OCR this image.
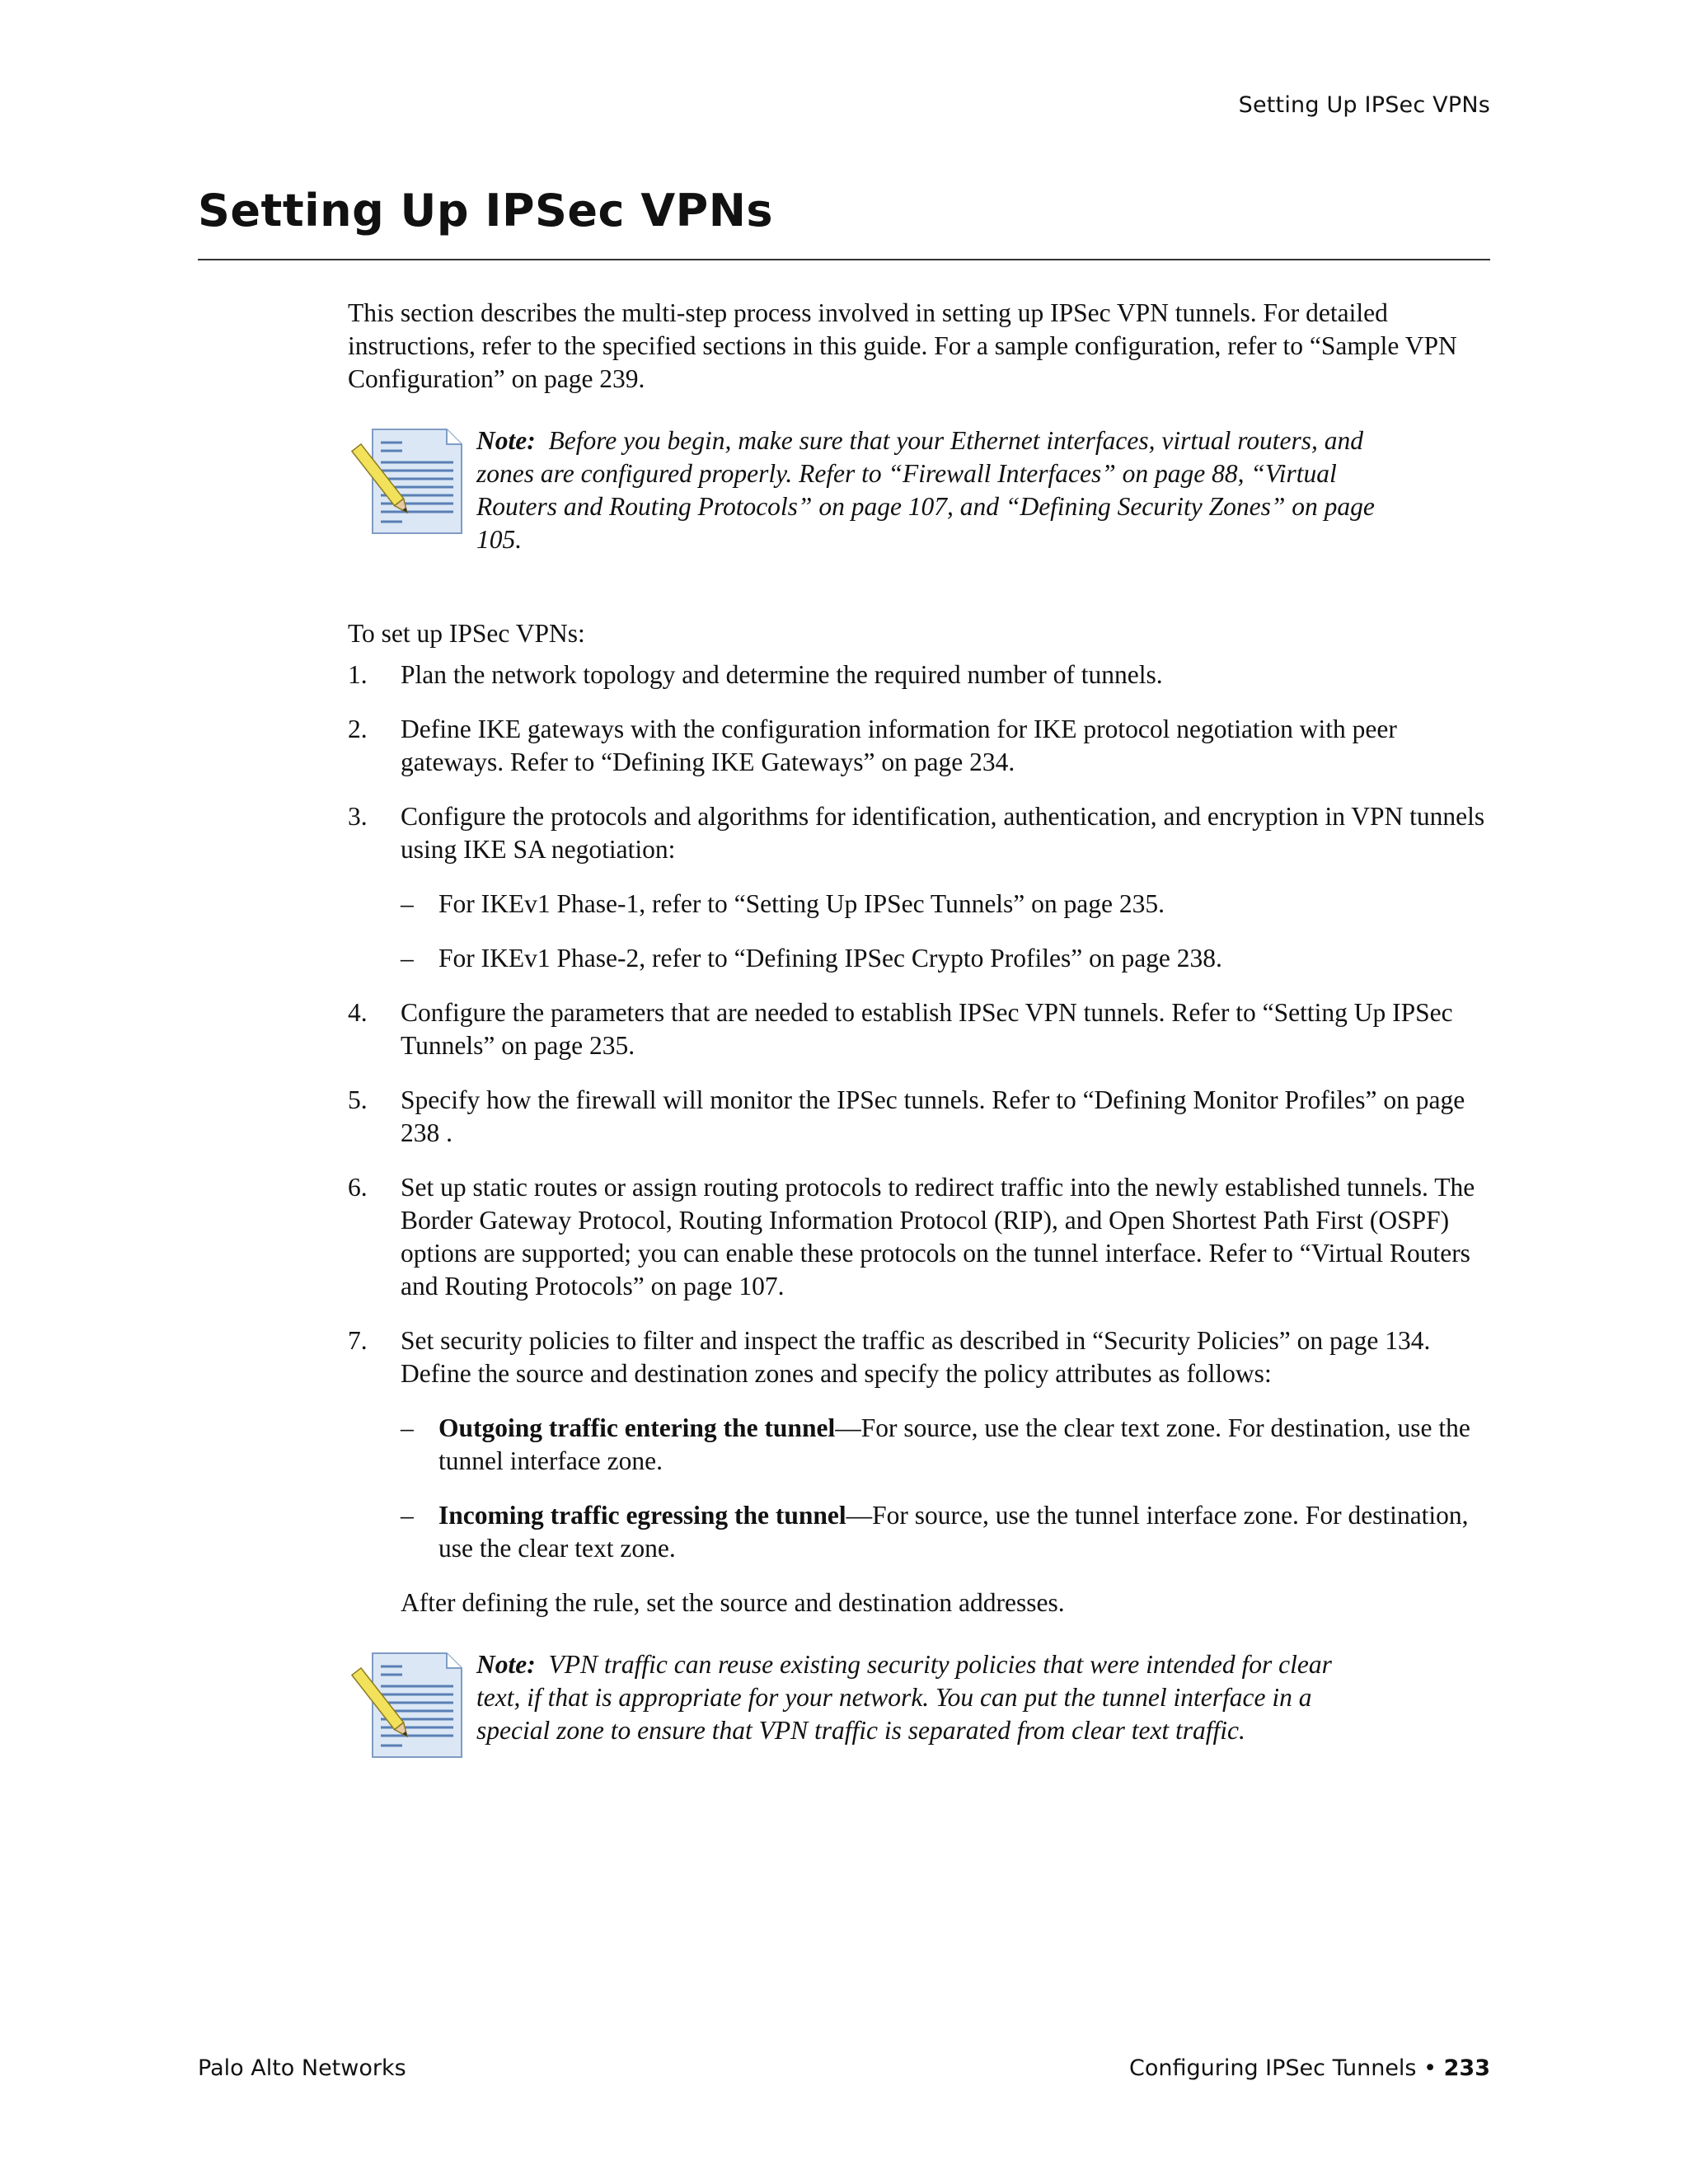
Setting Up IPSec VPNs
Setting Up IPSec VPNs

This section describes the multi-step process involved in setting up IPSec VPN tunnels. For detailed instructions, refer to the specified sections in this guide. For a sample configuration, refer to “Sample VPN Configuration” on page 239.

Note: Before you begin, make sure that your Ethernet interfaces, virtual routers, and zones are configured properly. Refer to “Firewall Interfaces” on page 88, “Virtual Routers and Routing Protocols” on page 107, and “Defining Security Zones” on page 105.

To set up IPSec VPNs:

1. Plan the network topology and determine the required number of tunnels.
2. Define IKE gateways with the configuration information for IKE protocol negotiation with peer gateways. Refer to “Defining IKE Gateways” on page 234.
3. Configure the protocols and algorithms for identification, authentication, and encryption in VPN tunnels using IKE SA negotiation:
– For IKEv1 Phase-1, refer to “Setting Up IPSec Tunnels” on page 235.
– For IKEv1 Phase-2, refer to “Defining IPSec Crypto Profiles” on page 238.
4. Configure the parameters that are needed to establish IPSec VPN tunnels. Refer to “Setting Up IPSec Tunnels” on page 235.
5. Specify how the firewall will monitor the IPSec tunnels. Refer to “Defining Monitor Profiles” on page 238 .
6. Set up static routes or assign routing protocols to redirect traffic into the newly established tunnels. The Border Gateway Protocol, Routing Information Protocol (RIP), and Open Shortest Path First (OSPF) options are supported; you can enable these protocols on the tunnel interface. Refer to “Virtual Routers and Routing Protocols” on page 107.
7. Set security policies to filter and inspect the traffic as described in “Security Policies” on page 134. Define the source and destination zones and specify the policy attributes as follows:
– Outgoing traffic entering the tunnel—For source, use the clear text zone. For destination, use the tunnel interface zone.
– Incoming traffic egressing the tunnel—For source, use the tunnel interface zone. For destination, use the clear text zone.

After defining the rule, set the source and destination addresses.

Note: VPN traffic can reuse existing security policies that were intended for clear text, if that is appropriate for your network. You can put the tunnel interface in a special zone to ensure that VPN traffic is separated from clear text traffic.
Palo Alto Networks	Configuring IPSec Tunnels • 233
